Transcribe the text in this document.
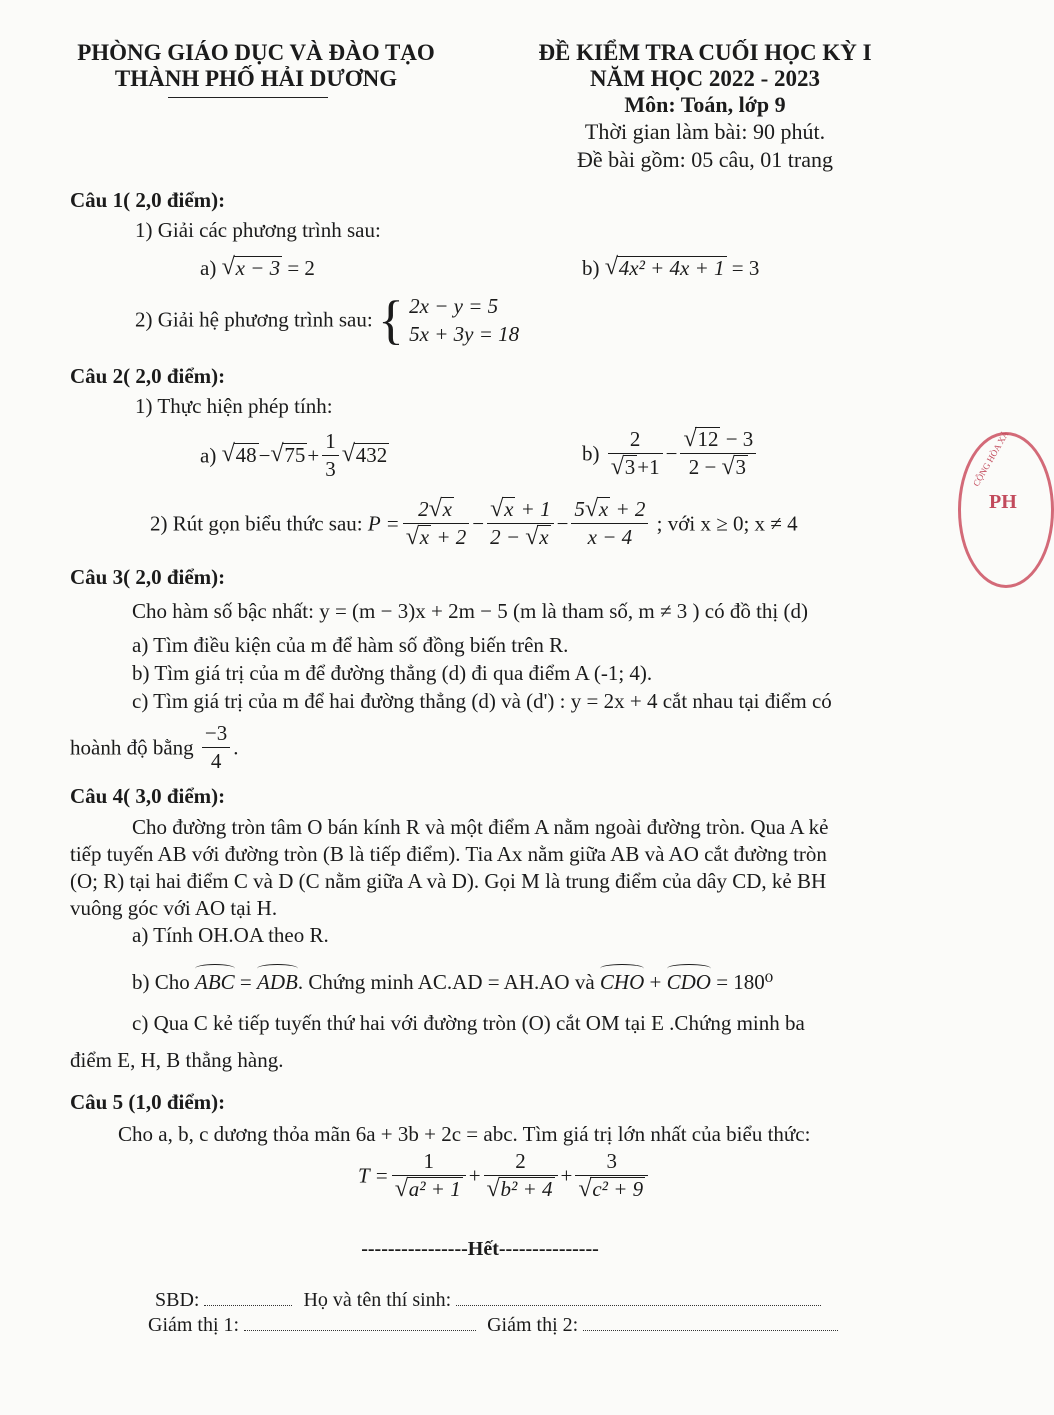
PHÒNG GIÁO DỤC VÀ ĐÀO TẠO
THÀNH PHỐ HẢI DƯƠNG
ĐỀ KIỂM TRA CUỐI HỌC KỲ I
NĂM HỌC 2022 - 2023
Môn: Toán, lớp 9
Thời gian làm bài: 90 phút.
Đề bài gồm: 05 câu, 01 trang
Câu 1( 2,0 điểm):
1) Giải các phương trình sau:
a) √ x − 3 = 2	b) √ 4x² + 4x + 1 = 3
2) Giải hệ phương trình sau: { 2x − y = 5
5x + 3y = 18
Câu 2( 2,0 điểm):
1) Thực hiện phép tính:
a) √ 48− √ $75+ \frac{1}{3}$ √ 432	b) 2
√ 3+1 − √ $\frac{12 - 3}{2 - √ 3}$
2) Rút gọn biểu thức sau: P = 2 √ x
√ x + 2 − √ $\frac{x + 1}{2 - √ x} - \frac{5 √ x + 2}{x - 4}$ ; với x ≥ 0; x ≠ 4
Câu 3( 2,0 điểm):
Cho hàm số bậc nhất: y = (m − 3)x + 2m − 5 (m là tham số, m ≠ 3 ) có đồ thị (d)
a) Tìm điều kiện của m để hàm số đồng biến trên R.
b) Tìm giá trị của m để đường thẳng (d) đi qua điểm A (-1; 4).
c) Tìm giá trị của m để hai đường thẳng (d) và (d') : y = 2x + 4 cắt nhau tại điểm có
hoành độ bằng $\frac{-3}{4}$ .
Câu 4( 3,0 điểm):
Cho đường tròn tâm O bán kính R và một điểm A nằm ngoài đường tròn. Qua A kẻ
tiếp tuyến AB với đường tròn (B là tiếp điểm). Tia Ax nằm giữa AB và AO cắt đường tròn
(O; R) tại hai điểm C và D (C nằm giữa A và D). Gọi M là trung điểm của dây CD, kẻ BH
vuông góc với AO tại H.
a) Tính OH.OA theo R.
b) Cho ABC = ADB. Chứng minh AC.AD = AH.AO và CHO + CDO = 180⁰
c) Qua C kẻ tiếp tuyến thứ hai với đường tròn (O) cắt OM tại E .Chứng minh ba
điểm E, H, B thẳng hàng.
Câu 5 (1,0 điểm):
Cho a, b, c dương thỏa mãn 6a + 3b + 2c = abc. Tìm giá trị lớn nhất của biểu thức:
T = 1
√ a² + 1 + 2
√ b² + 4 + 3
√ c² + 9
----------------Hết---------------
SBD:	Họ và tên thí sinh:
Giám thị 1:	Giám thị 2:
CỘNG HÒA XÃ
PH
